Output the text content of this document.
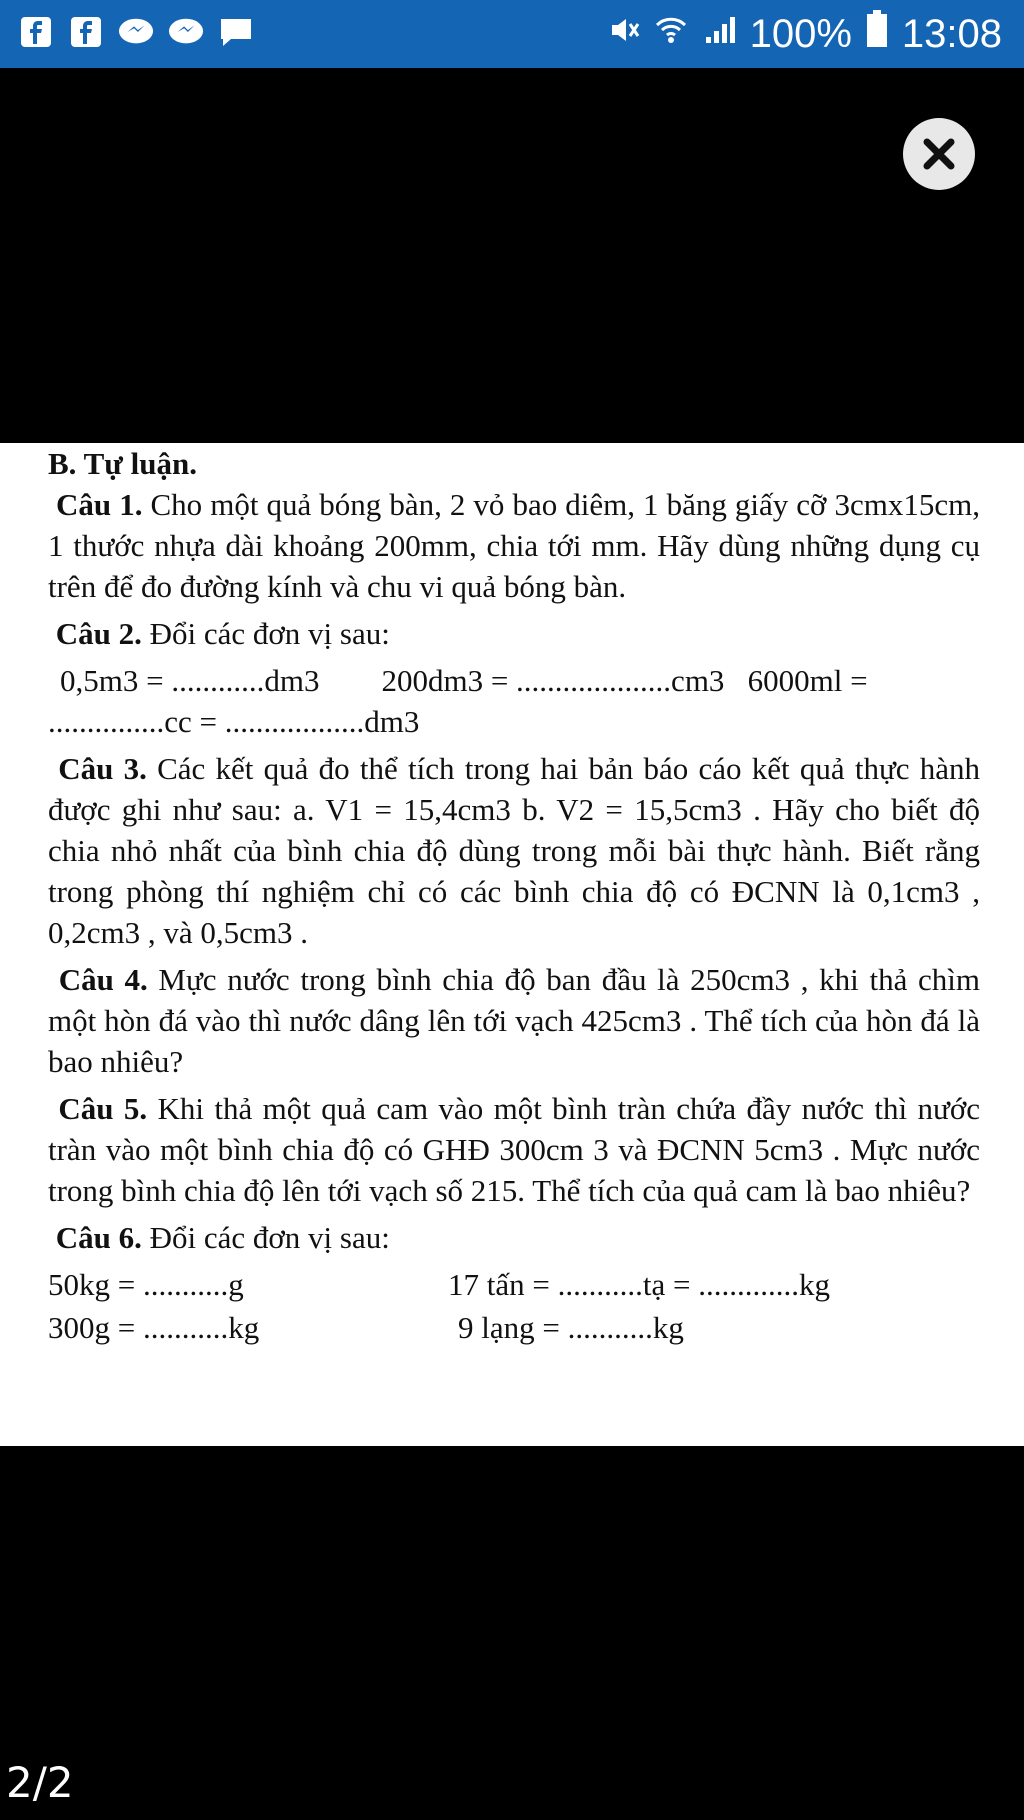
100% 13:08

B. Tự luận.

Câu 1. Cho một quả bóng bàn, 2 vỏ bao diêm, 1 băng giấy cỡ 3cmx15cm, 1 thước nhựa dài khoảng 200mm, chia tới mm. Hãy dùng những dụng cụ trên để đo đường kính và chu vi quả bóng bàn.

Câu 2. Đổi các đơn vị sau:

0,5m3 = ............dm3        200dm3 = ....................cm3   6000ml =

...............cc = ..................dm3

Câu 3. Các kết quả đo thể tích trong hai bản báo cáo kết quả thực hành được ghi như sau: a. V1 = 15,4cm3 b. V2 = 15,5cm3 . Hãy cho biết độ chia nhỏ nhất của bình chia độ dùng trong mỗi bài thực hành. Biết rằng trong phòng thí nghiệm chỉ có các bình chia độ có ĐCNN là 0,1cm3 , 0,2cm3 , và 0,5cm3 .

Câu 4. Mực nước trong bình chia độ ban đầu là 250cm3 , khi thả chìm một hòn đá vào thì nước dâng lên tới vạch 425cm3 . Thể tích của hòn đá là bao nhiêu?

Câu 5. Khi thả một quả cam vào một bình tràn chứa đầy nước thì nước tràn vào một bình chia độ có GHĐ 300cm 3 và ĐCNN 5cm3 . Mực nước trong bình chia độ lên tới vạch số 215. Thể tích của quả cam là bao nhiêu?

Câu 6. Đổi các đơn vị sau:

50kg = ...........g	17 tấn = ...........tạ = .............kg
300g = ...........kg	9 lạng = ...........kg
2/2
